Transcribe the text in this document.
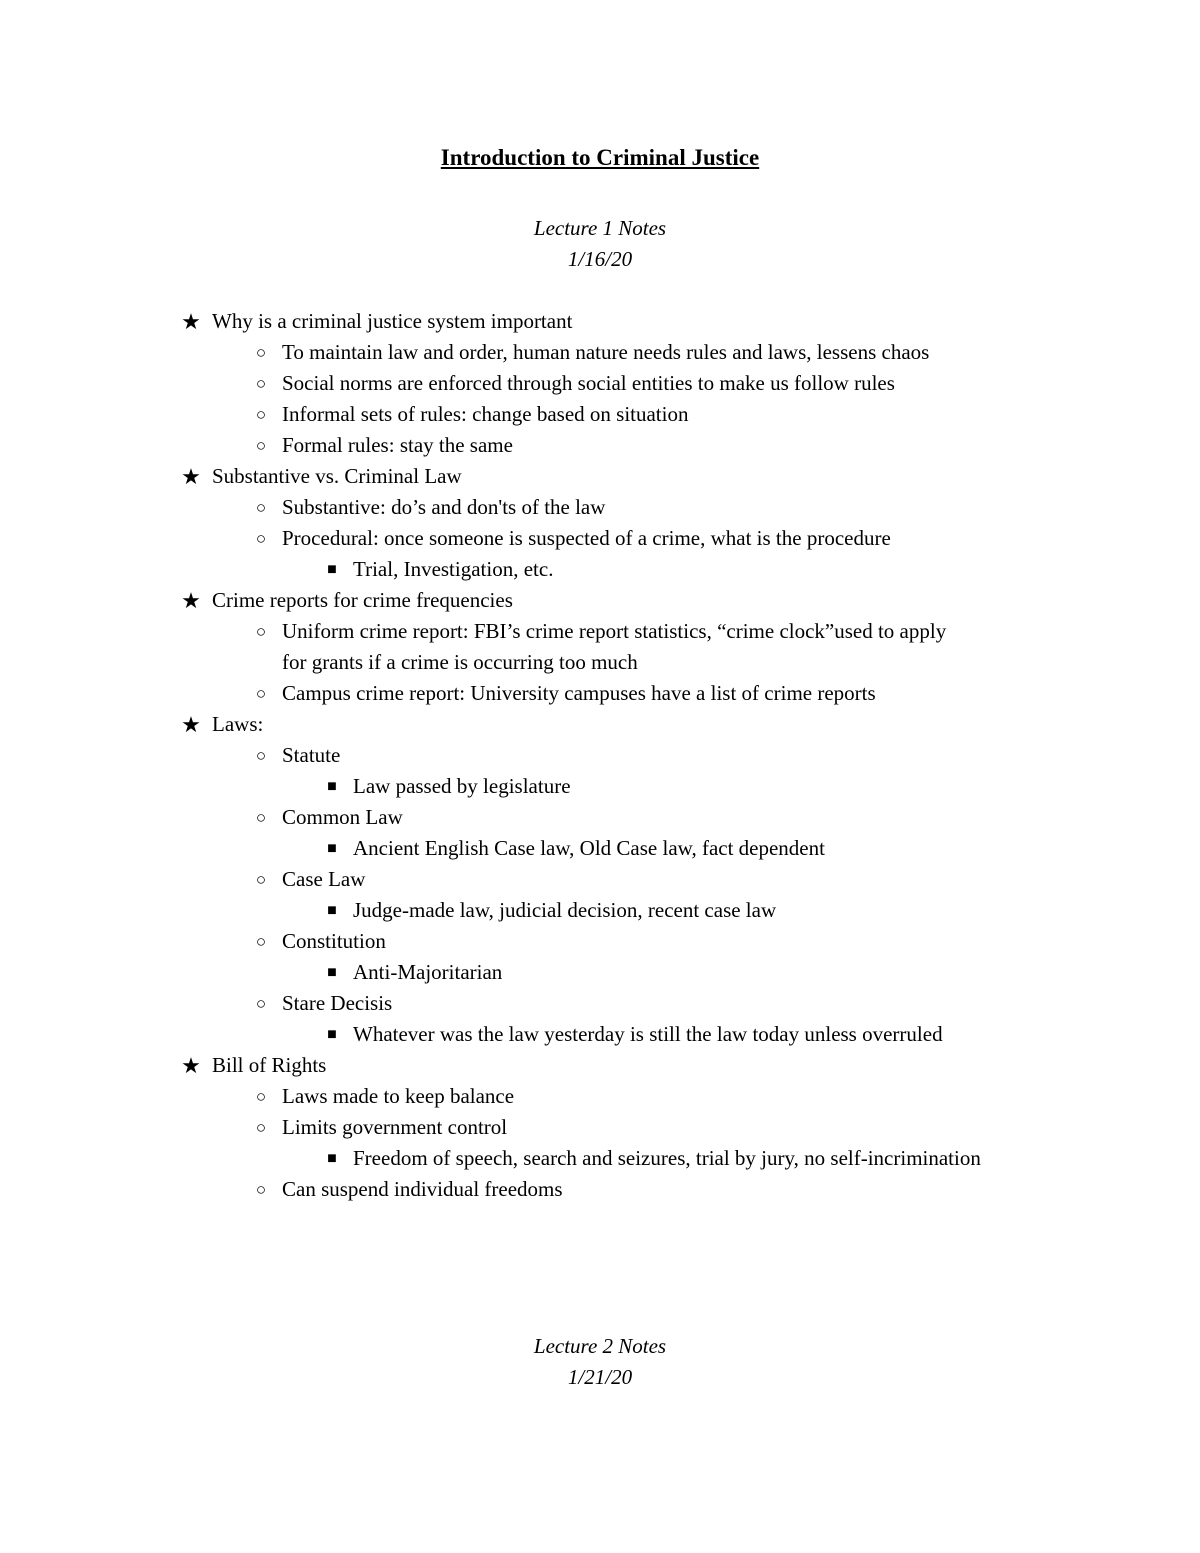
Introduction to Criminal Justice
Lecture 1 Notes
1/16/20
★ Why is a criminal justice system important
○ To maintain law and order, human nature needs rules and laws, lessens chaos
○ Social norms are enforced through social entities to make us follow rules
○ Informal sets of rules: change based on situation
○ Formal rules: stay the same
★ Substantive vs. Criminal Law
○ Substantive: do’s and don'ts of the law
○ Procedural: once someone is suspected of a crime, what is the procedure
■ Trial, Investigation, etc.
★ Crime reports for crime frequencies
○ Uniform crime report: FBI’s crime report statistics, “crime clock”used to apply
for grants if a crime is occurring too much
○ Campus crime report: University campuses have a list of crime reports
★ Laws:
○ Statute
■ Law passed by legislature
○ Common Law
■ Ancient English Case law, Old Case law, fact dependent
○ Case Law
■ Judge-made law, judicial decision, recent case law
○ Constitution
■ Anti-Majoritarian
○ Stare Decisis
■ Whatever was the law yesterday is still the law today unless overruled
★ Bill of Rights
○ Laws made to keep balance
○ Limits government control
■ Freedom of speech, search and seizures, trial by jury, no self-incrimination
○ Can suspend individual freedoms
Lecture 2 Notes
1/21/20
